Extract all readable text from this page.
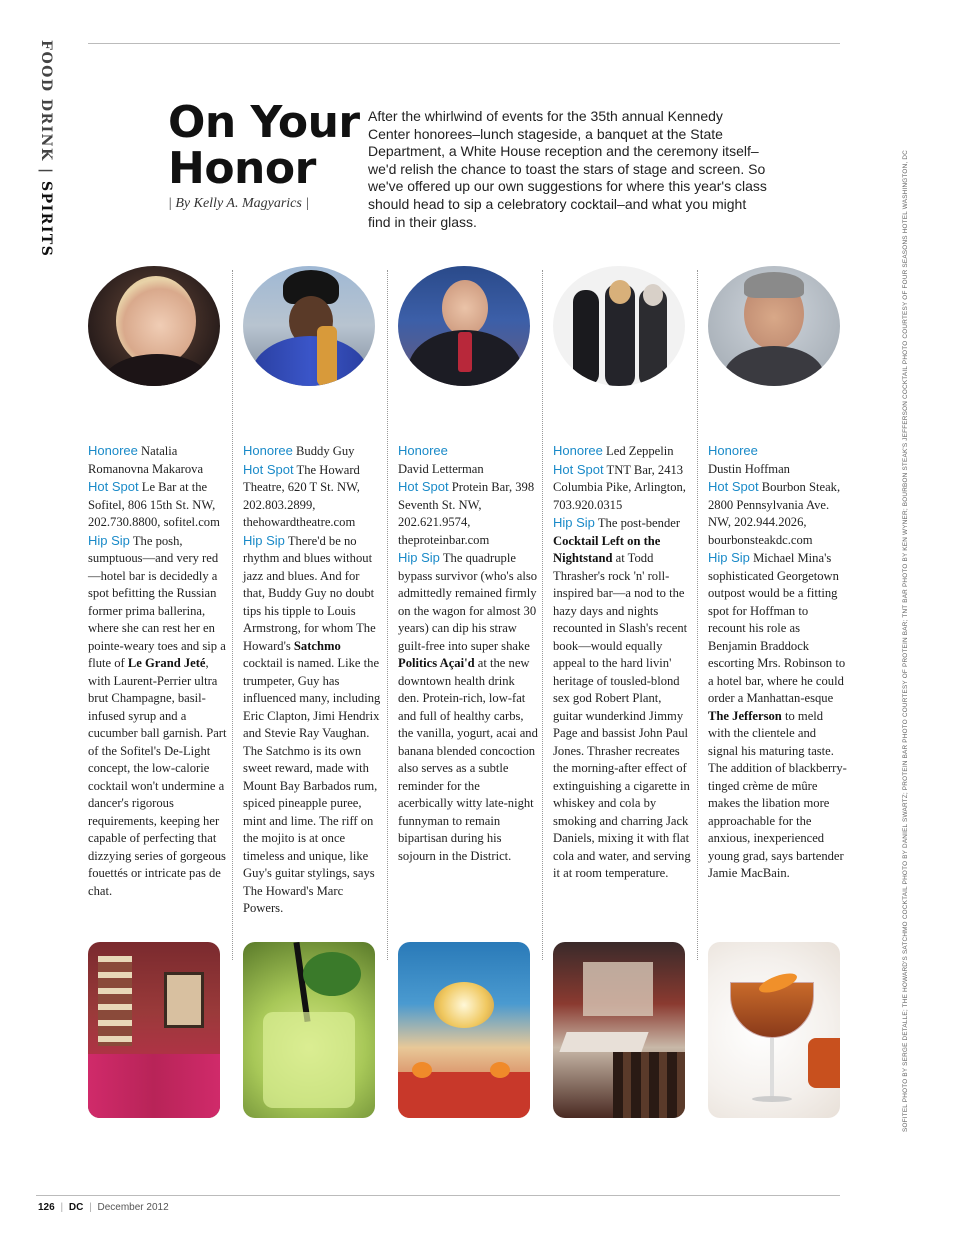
FOOD DRINK | SPIRITS
On Your
Honor
| By Kelly A. Magyarics |
After the whirlwind of events for the 35th annual Kennedy Center honorees–lunch stageside, a banquet at the State Department, a White House reception and the ceremony itself–we'd relish the chance to toast the stars of stage and screen. So we've offered up our own suggestions for where this year's class should head to sip a celebratory cocktail–and what you might find in their glass.	SOFITEL PHOTO BY SERGE DETALLE; THE HOWARD'S SATCHMO COCKTAIL PHOTO BY DANIEL SWARTZ; PROTEIN BAR PHOTO COURTESY OF PROTEIN BAR; TNT BAR PHOTO BY KEN WYNER; BOURBON STEAK'S JEFFERSON COCKTAIL PHOTO COURTESY OF FOUR SEASONS HOTEL WASHINGTON, DC
Honoree Natalia Romanovna Makarova
Hot Spot Le Bar at the Sofitel, 806 15th St. NW, 202.730.8800, sofitel.com
Hip Sip The posh, sumptuous—and very red—hotel bar is decidedly a spot befitting the Russian former prima ballerina, where she can rest her en pointe-weary toes and sip a flute of Le Grand Jeté, with Laurent-Perrier ultra brut Champagne, basil-infused syrup and a cucumber ball garnish. Part of the Sofitel's De-Light concept, the low-calorie cocktail won't undermine a dancer's rigorous requirements, keeping her capable of perfecting that dizzying series of gorgeous fouettés or intricate pas de chat.
Honoree Buddy Guy
Hot Spot The Howard Theatre, 620 T St. NW, 202.803.2899, thehowardtheatre.com
Hip Sip There'd be no rhythm and blues without jazz and blues. And for that, Buddy Guy no doubt tips his tipple to Louis Armstrong, for whom The Howard's Satchmo cocktail is named. Like the trumpeter, Guy has influenced many, including Eric Clapton, Jimi Hendrix and Stevie Ray Vaughan. The Satchmo is its own sweet reward, made with Mount Bay Barbados rum, spiced pineapple puree, mint and lime. The riff on the mojito is at once timeless and unique, like Guy's guitar stylings, says The Howard's Marc Powers.
Honoree
David Letterman
Hot Spot Protein Bar, 398 Seventh St. NW, 202.621.9574, theproteinbar.com
Hip Sip The quadruple bypass survivor (who's also admittedly remained firmly on the wagon for almost 30 years) can dip his straw guilt-free into super shake Politics Açai'd at the new downtown health drink den. Protein-rich, low-fat and full of healthy carbs, the vanilla, yogurt, acai and banana blended concoction also serves as a subtle reminder for the acerbically witty late-night funnyman to remain bipartisan during his sojourn in the District.
Honoree Led Zeppelin
Hot Spot TNT Bar, 2413 Columbia Pike, Arlington, 703.920.0315
Hip Sip The post-bender Cocktail Left on the Nightstand at Todd Thrasher's rock 'n' roll-inspired bar—a nod to the hazy days and nights recounted in Slash's recent book—would equally appeal to the hard livin' heritage of tousled-blond sex god Robert Plant, guitar wunderkind Jimmy Page and bassist John Paul Jones. Thrasher recreates the morning-after effect of extinguishing a cigarette in whiskey and cola by smoking and charring Jack Daniels, mixing it with flat cola and water, and serving it at room temperature.
Honoree
Dustin Hoffman
Hot Spot Bourbon Steak, 2800 Pennsylvania Ave. NW, 202.944.2026, bourbonsteakdc.com
Hip Sip Michael Mina's sophisticated Georgetown outpost would be a fitting spot for Hoffman to recount his role as Benjamin Braddock escorting Mrs. Robinson to a hotel bar, where he could order a Manhattan-esque The Jefferson to meld with the clientele and signal his maturing taste. The addition of blackberry-tinged crème de mûre makes the libation more approachable for the anxious, inexperienced young grad, says bartender Jamie MacBain.
126 | DC | December 2012
